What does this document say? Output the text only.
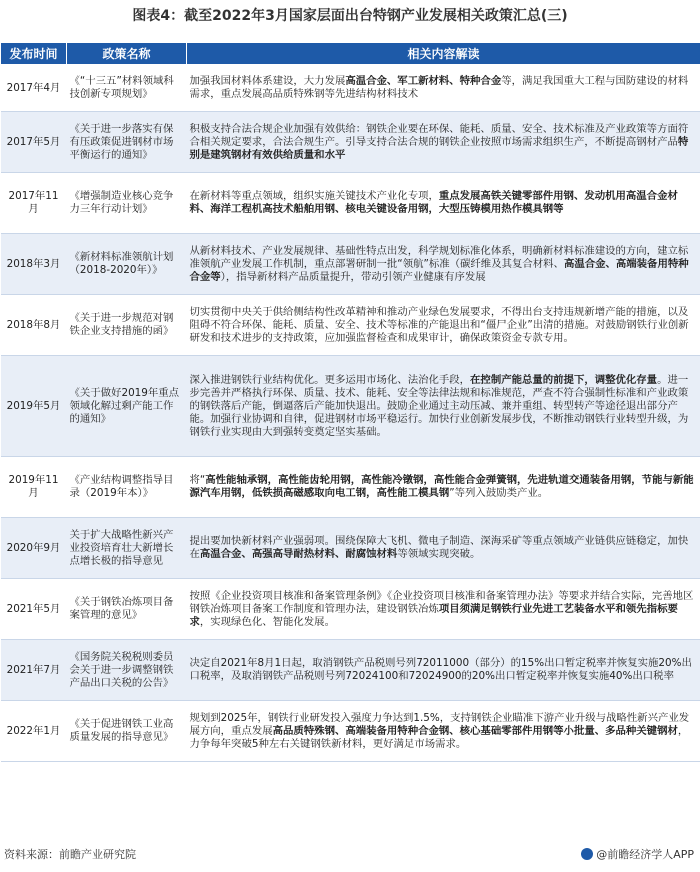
图表4：截至2022年3月国家层面出台特钢产业发展相关政策汇总(三)
发布时间	政策名称	相关内容解读
2017年4月	《“十三五”材料领域科技创新专项规划》	加强我国材料体系建设，大力发展高温合金、军工新材料、特种合金等，满足我国重大工程与国防建设的材料需求，重点发展高品质特殊钢等先进结构材料技术
2017年5月	《关于进一步落实有保有压政策促进钢材市场平衡运行的通知》	积极支持合法合规企业加强有效供给：钢铁企业要在环保、能耗、质量、安全、技术标准及产业政策等方面符合相关规定要求，合法合规生产。引导支持合法合规的钢铁企业按照市场需求组织生产，不断提高钢材产品特别是建筑钢材有效供给质量和水平
2017年11月	《增强制造业核心竞争力三年行动计划》	在新材料等重点领域，组织实施关键技术产业化专项，重点发展高铁关键零部件用钢、发动机用高温合金材料、海洋工程机高技术船舶用钢、核电关键设备用钢，大型压铸模用热作模具钢等
2018年3月	《新材料标准领航计划（2018-2020年）》	从新材料技术、产业发展规律、基础性特点出发，科学规划标准化体系，明确新材料标准建设的方向，建立标准领航产业发展工作机制，重点部署研制一批“领航”标准（碳纤维及其复合材料、高温合金、高端装备用特种合金等），指导新材料产品质量提升，带动引领产业健康有序发展
2018年8月	《关于进一步规范对钢铁企业支持措施的函》	切实贯彻中央关于供给侧结构性改革精神和推动产业绿色发展要求，不得出台支持违规新增产能的措施，以及阻碍不符合环保、能耗、质量、安全、技术等标准的产能退出和“僵尸企业”出清的措施。对鼓励钢铁行业创新研发和技术进步的支持政策，应加强监督检查和成果审计，确保政策资金专款专用。
2019年5月	《关于做好2019年重点领域化解过剩产能工作的通知》	深入推进钢铁行业结构优化。更多运用市场化、法治化手段，在控制产能总量的前提下，调整优化存量。进一步完善并严格执行环保、质量、技术、能耗、安全等法律法规和标准规范，严查不符合强制性标准和产业政策的钢铁落后产能，倒逼落后产能加快退出。鼓励企业通过主动压减、兼并重组、转型转产等途径退出部分产能。加强行业协调和自律，促进钢材市场平稳运行。加快行业创新发展步伐，不断推动钢铁行业转型升级，为钢铁行业实现由大到强转变奠定坚实基础。
2019年11月	《产业结构调整指导目录（2019年本）》	将“高性能轴承钢，高性能齿轮用钢，高性能冷镦钢，高性能合金弹簧钢，先进轨道交通装备用钢，节能与新能源汽车用钢，低铁损高磁感取向电工钢，高性能工模具钢”等列入鼓励类产业。
2020年9月	关于扩大战略性新兴产业投资培育壮大新增长点增长极的指导意见	提出要加快新材料产业强弱项。围绕保障大飞机、微电子制造、深海采矿等重点领域产业链供应链稳定，加快在高温合金、高强高导耐热材料、耐腐蚀材料等领域实现突破。
2021年5月	《关于钢铁冶炼项目备案管理的意见》	按照《企业投资项目核准和备案管理条例》《企业投资项目核准和备案管理办法》等要求并结合实际，完善地区钢铁冶炼项目备案工作制度和管理办法，建设钢铁冶炼项目须满足钢铁行业先进工艺装备水平和领先指标要求，实现绿色化、智能化发展。
2021年7月	《国务院关税税则委员会关于进一步调整钢铁产品出口关税的公告》	决定自2021年8月1日起，取消钢铁产品税则号列72011000（部分）的15%出口暂定税率并恢复实施20%出口税率，及取消钢铁产品税则号列72024100和72024900的20%出口暂定税率并恢复实施40%出口税率
2022年1月	《关于促进钢铁工业高质量发展的指导意见》	规划到2025年，钢铁行业研发投入强度力争达到1.5%，支持钢铁企业瞄准下游产业升级与战略性新兴产业发展方向，重点发展高品质特殊钢、高端装备用特种合金钢、核心基础零部件用钢等小批量、多品种关键钢材，力争每年突破5种左右关键钢铁新材料，更好满足市场需求。
资料来源：前瞻产业研究院	@前瞻经济学人APP
